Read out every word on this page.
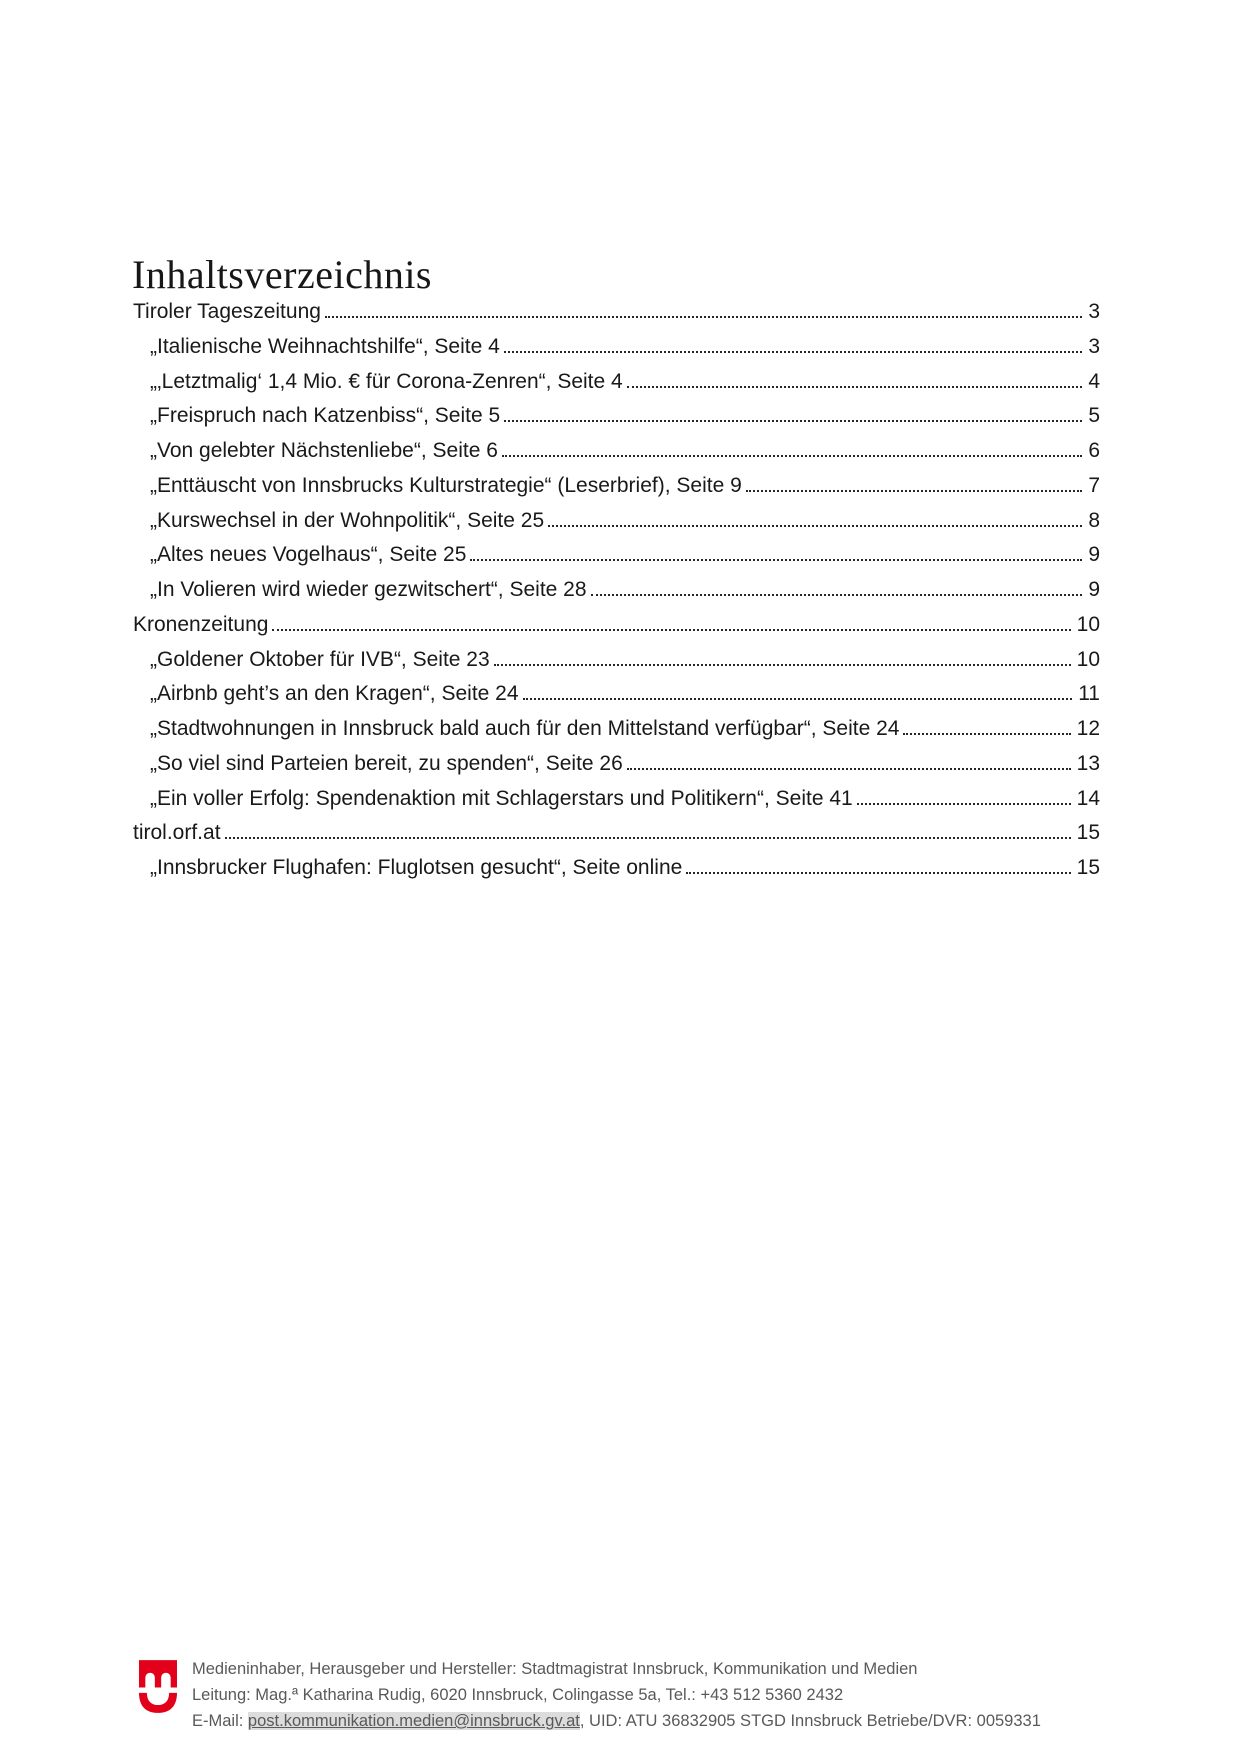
Inhaltsverzeichnis
Tiroler Tageszeitung	3
„Italienische Weihnachtshilfe“, Seite 4	3
„‚Letztmalig‘ 1,4 Mio. € für Corona-Zenren“, Seite 4	4
„Freispruch nach Katzenbiss“, Seite 5	5
„Von gelebter Nächstenliebe“, Seite 6	6
„Enttäuscht von Innsbrucks Kulturstrategie“ (Leserbrief), Seite 9	7
„Kurswechsel in der Wohnpolitik“, Seite 25	8
„Altes neues Vogelhaus“, Seite 25	9
„In Volieren wird wieder gezwitschert“, Seite 28	9
Kronenzeitung	10
„Goldener Oktober für IVB“, Seite 23	10
„Airbnb geht’s an den Kragen“, Seite 24	11
„Stadtwohnungen in Innsbruck bald auch für den Mittelstand verfügbar“, Seite 24	12
„So viel sind Parteien bereit, zu spenden“, Seite 26	13
„Ein voller Erfolg: Spendenaktion mit Schlagerstars und Politikern“, Seite 41	14
tirol.orf.at	15
„Innsbrucker Flughafen: Fluglotsen gesucht“, Seite online	15
Medieninhaber, Herausgeber und Hersteller: Stadtmagistrat Innsbruck, Kommunikation und Medien
Leitung: Mag.ª Katharina Rudig, 6020 Innsbruck, Colingasse 5a, Tel.: +43 512 5360 2432
E-Mail: post.kommunikation.medien@innsbruck.gv.at, UID: ATU 36832905 STGD Innsbruck Betriebe/DVR: 0059331
